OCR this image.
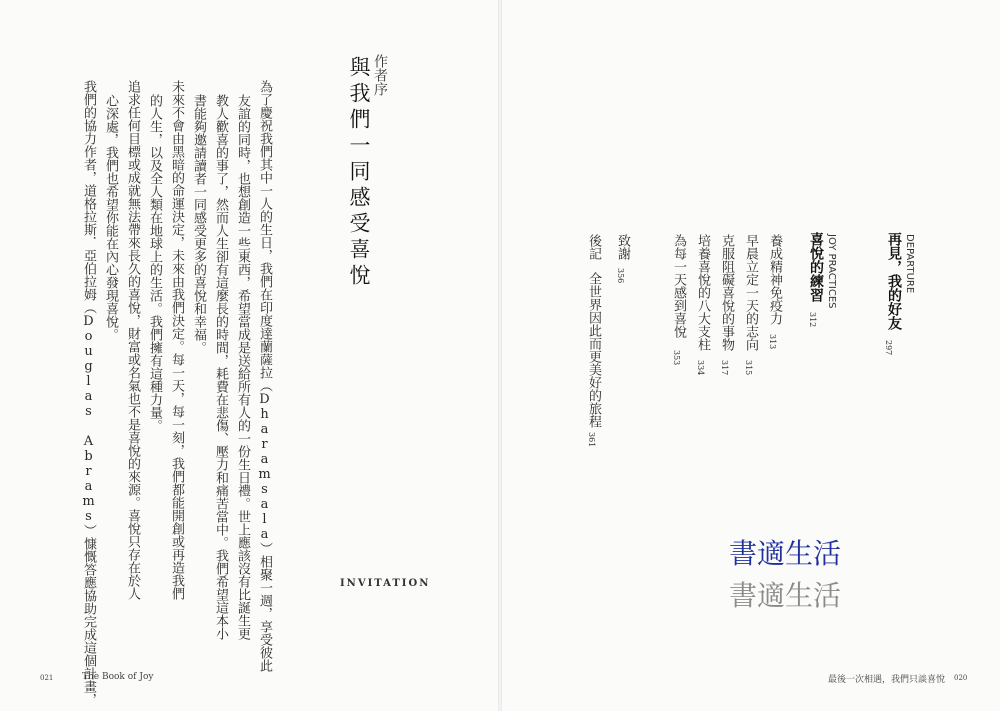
作者序

與我們一同感受喜悅

為了慶祝我們其中一人的生日，我們在印度達蘭薩拉（Dharamsala）相聚一週，享受彼此

友誼的同時，也想創造一些東西，希望當成是送給所有人的一份生日禮。世上應該沒有比誕生更

教人歡喜的事了，然而人生卻有這麼長的時間，耗費在悲傷、壓力和痛苦當中。我們希望這本小

書能夠邀請讀者一同感受更多的喜悅和幸福。

未來不會由黑暗的命運決定，未來由我們決定。每一天，每一刻，我們都能開創或再造我們

的人生，以及全人類在地球上的生活。我們擁有這種力量。

追求任何目標或成就無法帶來長久的喜悅，財富或名氣也不是喜悅的來源。喜悅只存在於人

心深處，我們也希望你能在內心發現喜悅。

我們的協力作者，道格拉斯．亞伯拉姆（Douglas Abrams）慷慨答應協助完成這個計畫，	INVITATION
021	The Book of Joy

DEPARTURE

再見，我的好友

297

JOY PRACTICES

喜悅的練習

312

養成精神免疫力

313

早晨立定一天的志向

315

克服阻礙喜悅的事物

317

培養喜悅的八大支柱

334

為每一天感到喜悅

353

致謝

356

後記

全世界因此而更美好的旅程

361

書適生活
書適生活
最後一次相遇，我們只談喜悅 020
